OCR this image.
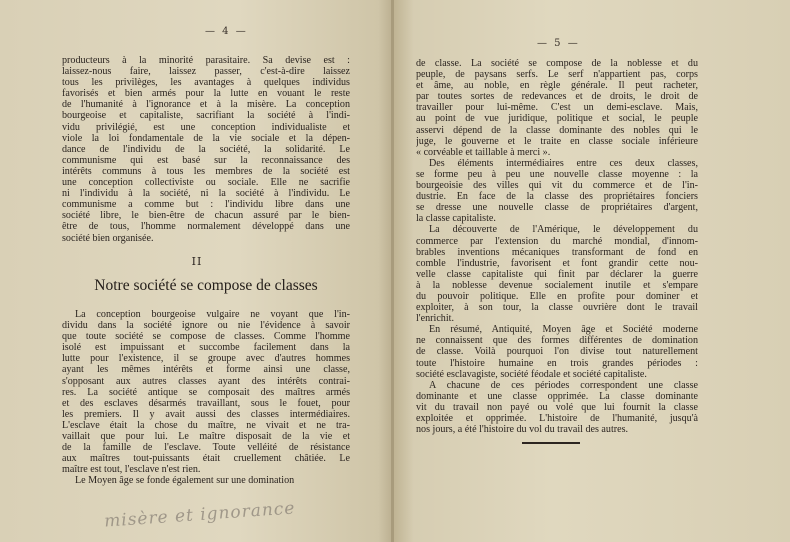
— 4 —
producteurs à la minorité parasitaire. Sa devise est :
laissez-nous faire, laissez passer, c'est-à-dire laissez
tous les privilèges, les avantages à quelques individus
favorisés et bien armés pour la lutte en vouant le reste
de l'humanité à l'ignorance et à la misère. La conception
bourgeoise et capitaliste, sacrifiant la société à l'indi-
vidu privilégié, est une conception individualiste et
viole la loi fondamentale de la vie sociale et la dépen-
dance de l'individu de la société, la solidarité. Le
communisme qui est basé sur la reconnaissance des
intérêts communs à tous les membres de la société est
une conception collectiviste ou sociale. Elle ne sacrifie
ni l'individu à la société, ni la société à l'individu. Le
communisme a comme but : l'individu libre dans une
société libre, le bien-être de chacun assuré par le bien-
être de tous, l'homme normalement développé dans une
société bien organisée.
II
Notre société se compose de classes
La conception bourgeoise vulgaire ne voyant que l'in-
dividu dans la société ignore ou nie l'évidence à savoir
que toute société se compose de classes. Comme l'homme
isolé est impuissant et succombe facilement dans la
lutte pour l'existence, il se groupe avec d'autres hommes
ayant les mêmes intérêts et forme ainsi une classe,
s'opposant aux autres classes ayant des intérêts contrai-
res. La société antique se composait des maîtres armés
et des esclaves désarmés travaillant, sous le fouet, pour
les premiers. Il y avait aussi des classes intermédiaires.
L'esclave était la chose du maître, ne vivait et ne tra-
vaillait que pour lui. Le maître disposait de la vie et
de la famille de l'esclave. Toute velléité de résistance
aux maîtres tout-puissants était cruellement châtiée. Le
maître est tout, l'esclave n'est rien.
Le Moyen âge se fonde également sur une domination
misère et ignorance
— 5 —
de classe. La société se compose de la noblesse et du
peuple, de paysans serfs. Le serf n'appartient pas, corps
et âme, au noble, en règle générale. Il peut racheter,
par toutes sortes de redevances et de droits, le droit de
travailler pour lui-même. C'est un demi-esclave. Mais,
au point de vue juridique, politique et social, le peuple
asservi dépend de la classe dominante des nobles qui le
juge, le gouverne et le traite en classe sociale inférieure
« corvéable et taillable à merci ».
Des éléments intermédiaires entre ces deux classes,
se forme peu à peu une nouvelle classe moyenne : la
bourgeoisie des villes qui vit du commerce et de l'in-
dustrie. En face de la classe des propriétaires fonciers
se dresse une nouvelle classe de propriétaires d'argent,
la classe capitaliste.
La découverte de l'Amérique, le développement du
commerce par l'extension du marché mondial, d'innom-
brables inventions mécaniques transformant de fond en
comble l'industrie, favorisent et font grandir cette nou-
velle classe capitaliste qui finit par déclarer la guerre
à la noblesse devenue socialement inutile et s'empare
du pouvoir politique. Elle en profite pour dominer et
exploiter, à son tour, la classe ouvrière dont le travail
l'enrichit.
En résumé, Antiquité, Moyen âge et Société moderne
ne connaissent que des formes différentes de domination
de classe. Voilà pourquoi l'on divise tout naturellement
toute l'histoire humaine en trois grandes périodes :
société esclavagiste, société féodale et société capitaliste.
A chacune de ces périodes correspondent une classe
dominante et une classe opprimée. La classe dominante
vit du travail non payé ou volé que lui fournit la classe
exploitée et opprimée. L'histoire de l'humanité, jusqu'à
nos jours, a été l'histoire du vol du travail des autres.
